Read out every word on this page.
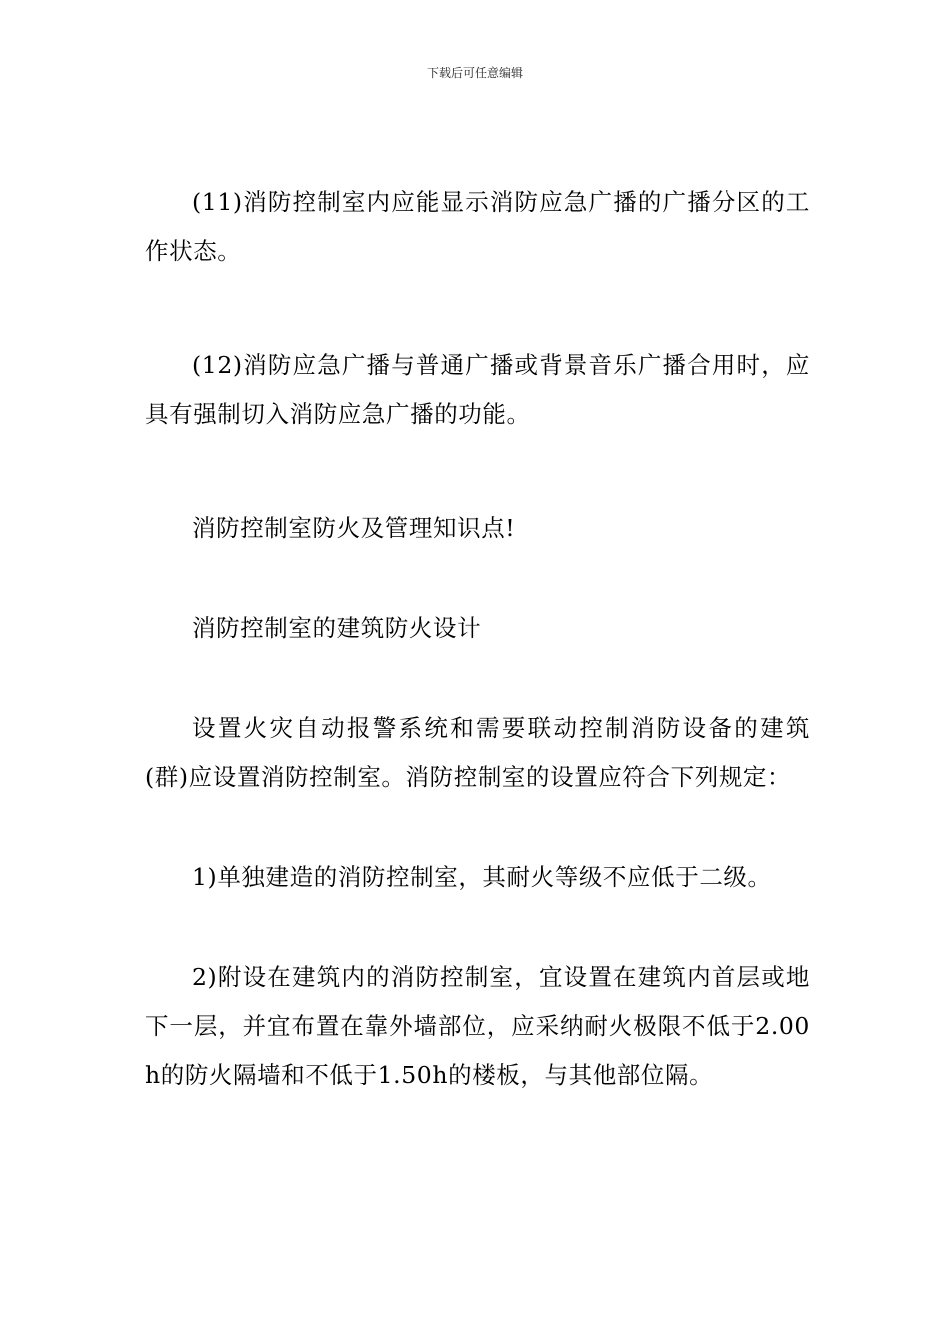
下载后可任意编辑

(11)消防控制室内应能显示消防应急广播的广播分区的工作状态。

(12)消防应急广播与普通广播或背景音乐广播合用时，应具有强制切入消防应急广播的功能。

消防控制室防火及管理知识点!

消防控制室的建筑防火设计

设置火灾自动报警系统和需要联动控制消防设备的建筑(群)应设置消防控制室。消防控制室的设置应符合下列规定：

1)单独建造的消防控制室，其耐火等级不应低于二级。

2)附设在建筑内的消防控制室，宜设置在建筑内首层或地下一层，并宜布置在靠外墙部位，应采纳耐火极限不低于2.00h的防火隔墙和不低于1.50h的楼板，与其他部位隔。
